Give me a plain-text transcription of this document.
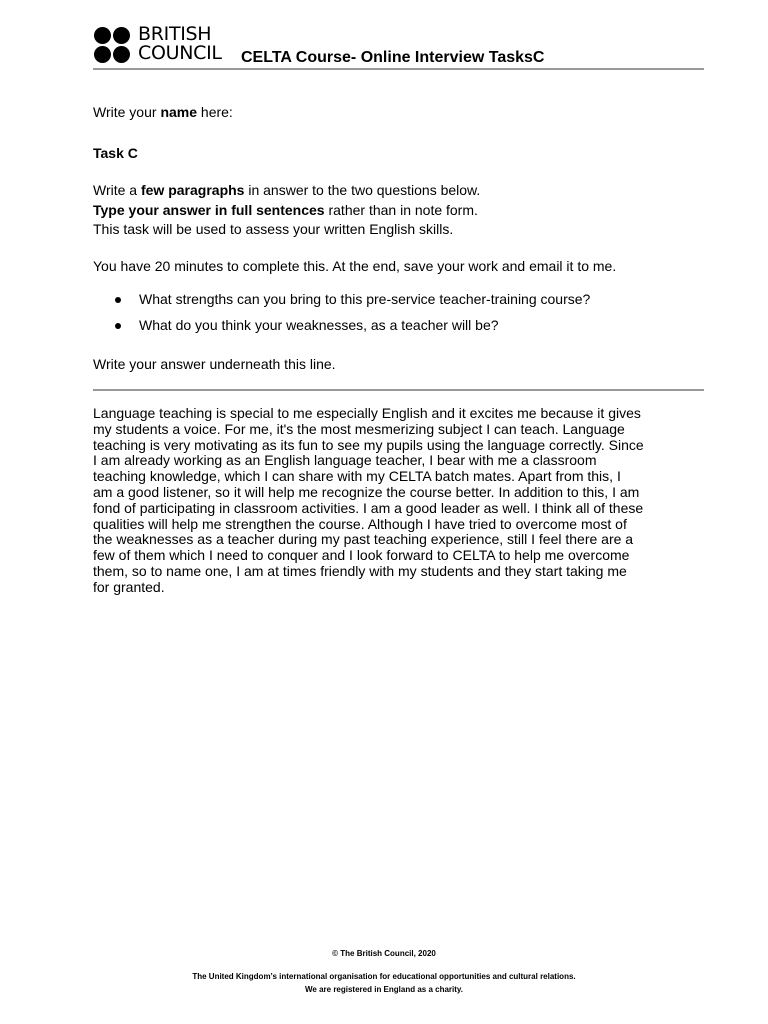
BRITISH
COUNCIL CELTA Course- Online Interview TasksC
Write your name here:
Task C
Write a few paragraphs in answer to the two questions below.
Type your answer in full sentences rather than in note form.
This task will be used to assess your written English skills.
You have 20 minutes to complete this. At the end, save your work and email it to me.
What strengths can you bring to this pre-service teacher-training course?
What do you think your weaknesses, as a teacher will be?
Write your answer underneath this line.
Language teaching is special to me especially English and it excites me because it gives
my students a voice. For me, it's the most mesmerizing subject I can teach. Language
teaching is very motivating as its fun to see my pupils using the language correctly. Since
I am already working as an English language teacher, I bear with me a classroom
teaching knowledge, which I can share with my CELTA batch mates. Apart from this, I
am a good listener, so it will help me recognize the course better. In addition to this, I am
fond of participating in classroom activities. I am a good leader as well. I think all of these
qualities will help me strengthen the course. Although I have tried to overcome most of
the weaknesses as a teacher during my past teaching experience, still I feel there are a
few of them which I need to conquer and I look forward to CELTA to help me overcome
them, so to name one, I am at times friendly with my students and they start taking me
for granted.
© The British Council, 2020
The United Kingdom’s international organisation for educational opportunities and cultural relations.
We are registered in England as a charity.
